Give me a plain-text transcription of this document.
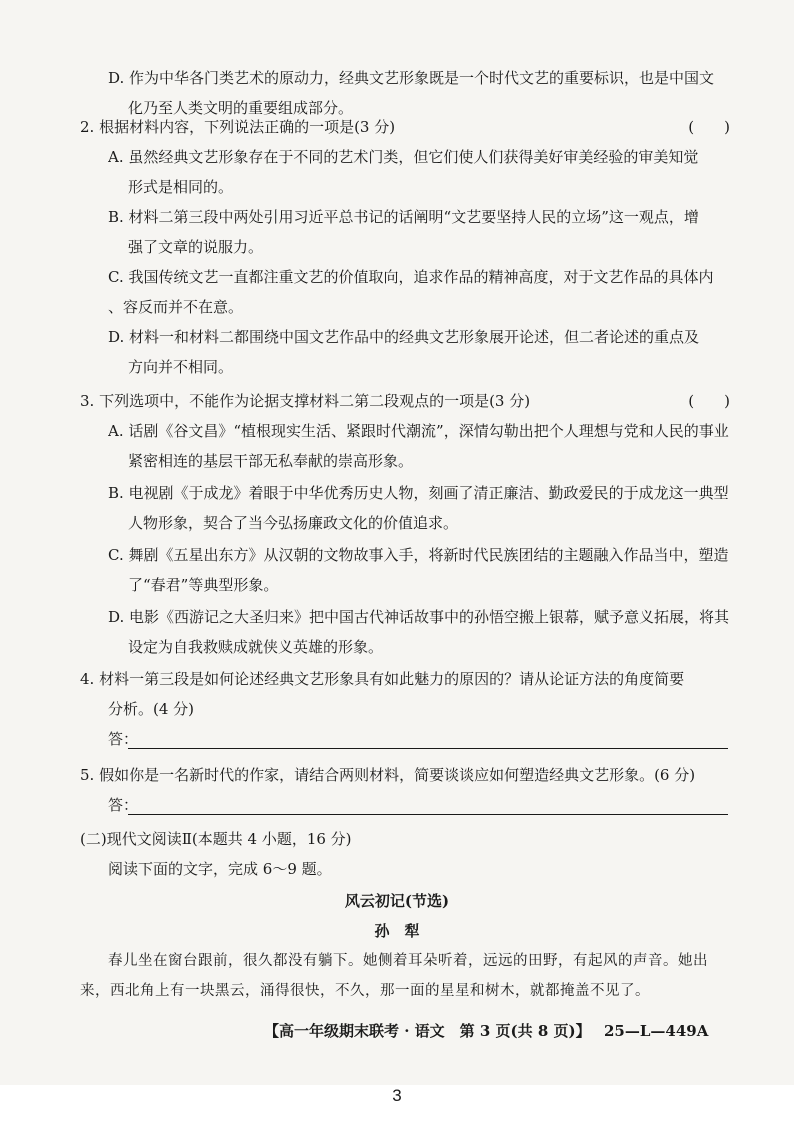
D. 作为中华各门类艺术的原动力，经典文艺形象既是一个时代文艺的重要标识，也是中国文
化乃至人类文明的重要组成部分。
2. 根据材料内容，下列说法正确的一项是(3 分)	(　　)
A. 虽然经典文艺形象存在于不同的艺术门类，但它们使人们获得美好审美经验的审美知觉
形式是相同的。
B. 材料二第三段中两处引用习近平总书记的话阐明“文艺要坚持人民的立场”这一观点，增
强了文章的说服力。
C. 我国传统文艺一直都注重文艺的价值取向，追求作品的精神高度，对于文艺作品的具体内
、容反而并不在意。
D. 材料一和材料二都围绕中国文艺作品中的经典文艺形象展开论述，但二者论述的重点及
方向并不相同。
3. 下列选项中，不能作为论据支撑材料二第二段观点的一项是(3 分)	(　　)
A. 话剧《谷文昌》“植根现实生活、紧跟时代潮流”，深情勾勒出把个人理想与党和人民的事业
紧密相连的基层干部无私奉献的崇高形象。
B. 电视剧《于成龙》着眼于中华优秀历史人物，刻画了清正廉洁、勤政爱民的于成龙这一典型
人物形象，契合了当今弘扬廉政文化的价值追求。
C. 舞剧《五星出东方》从汉朝的文物故事入手，将新时代民族团结的主题融入作品当中，塑造
了“春君”等典型形象。
D. 电影《西游记之大圣归来》把中国古代神话故事中的孙悟空搬上银幕，赋予意义拓展，将其
设定为自我救赎成就侠义英雄的形象。
4. 材料一第三段是如何论述经典文艺形象具有如此魅力的原因的？请从论证方法的角度简要
分析。(4 分)
答：
5. 假如你是一名新时代的作家，请结合两则材料，简要谈谈应如何塑造经典文艺形象。(6 分)
答：
(二)现代文阅读Ⅱ(本题共 4 小题，16 分)
阅读下面的文字，完成 6～9 题。
风云初记(节选)
孙　犁
春儿坐在窗台跟前，很久都没有躺下。她侧着耳朵听着，远远的田野，有起风的声音。她出
来，西北角上有一块黑云，涌得很快，不久，那一面的星星和树木，就都掩盖不见了。
【高一年级期末联考 · 语文　第 3 页(共 8 页)】 25—L—449A
3
